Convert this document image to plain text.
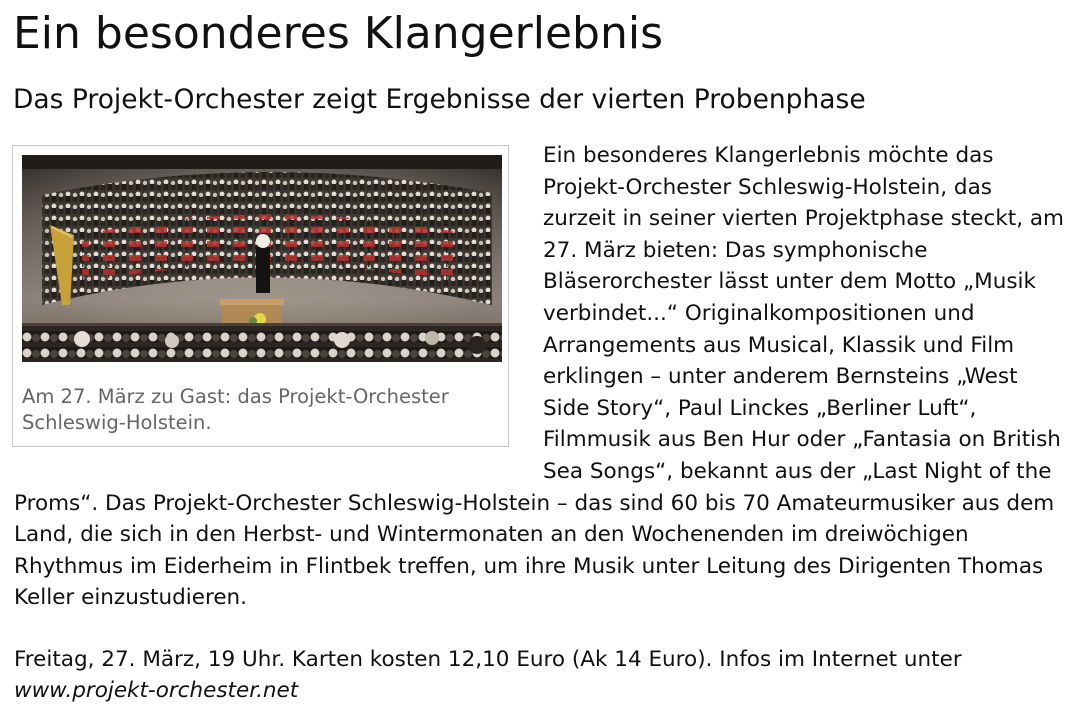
Ein besonderes Klangerlebnis
Das Projekt-Orchester zeigt Ergebnisse der vierten Probenphase

Ein besonderes Klangerlebnis möchte das Projekt-Orchester Schleswig-Holstein, das zurzeit in seiner vierten Projektphase steckt, am 27. März bieten: Das symphonische Bläserorchester lässt unter dem Motto „Musik verbindet...“ Originalkompositionen und Arrangements aus Musical, Klassik und Film erklingen – unter anderem Bernsteins „West Side Story“, Paul Linckes „Berliner Luft“, Filmmusik aus Ben Hur oder „Fantasia on British Sea Songs“, bekannt aus der „Last Night of the Proms“. Das Projekt-Orchester Schleswig-Holstein – das sind 60 bis 70 Amateurmusiker aus dem Land, die sich in den Herbst- und Wintermonaten an den Wochenenden im dreiwöchigen Rhythmus im Eiderheim in Flintbek treffen, um ihre Musik unter Leitung des Dirigenten Thomas Keller einzustudieren.

Am 27. März zu Gast: das Projekt-Orchester Schleswig-Holstein.

Freitag, 27. März, 19 Uhr. Karten kosten 12,10 Euro (Ak 14 Euro). Infos im Internet unter www.projekt-orchester.net
